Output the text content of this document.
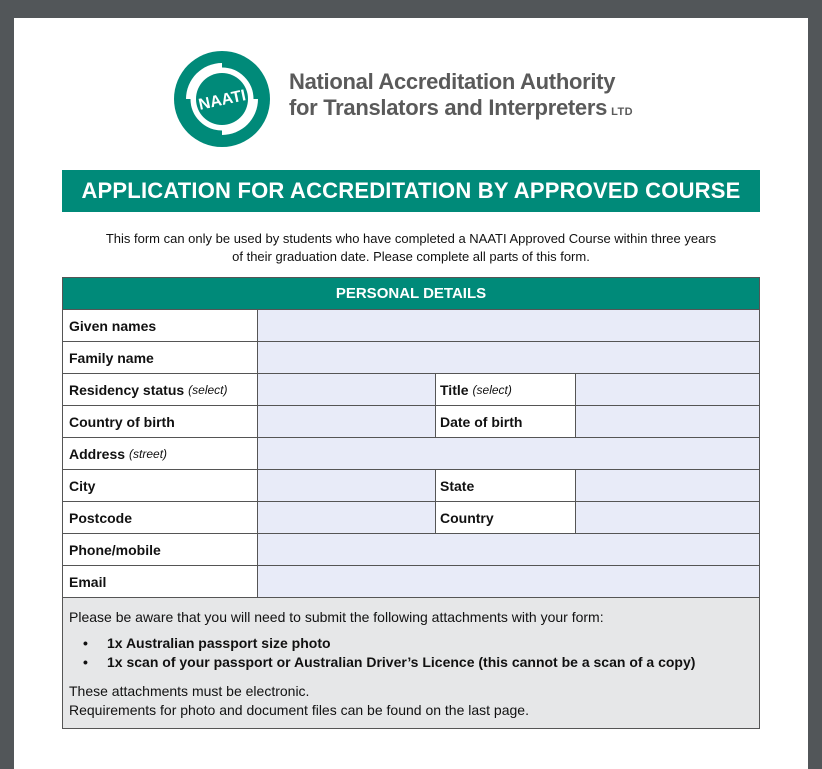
NAATI
National Accreditation Authority
for Translators and Interpreters LTD
APPLICATION FOR ACCREDITATION BY APPROVED COURSE
This form can only be used by students who have completed a NAATI Approved Course within three years
of their graduation date. Please complete all parts of this form.
PERSONAL DETAILS
Given names
Family name
Residency status (select)	Title (select)
Country of birth	Date of birth
Address (street)
City	State
Postcode	Country
Phone/mobile
Email
Please be aware that you will need to submit the following attachments with your form:
•	1x Australian passport size photo
•	1x scan of your passport or Australian Driver’s Licence (this cannot be a scan of a copy)
These attachments must be electronic.
Requirements for photo and document files can be found on the last page.
